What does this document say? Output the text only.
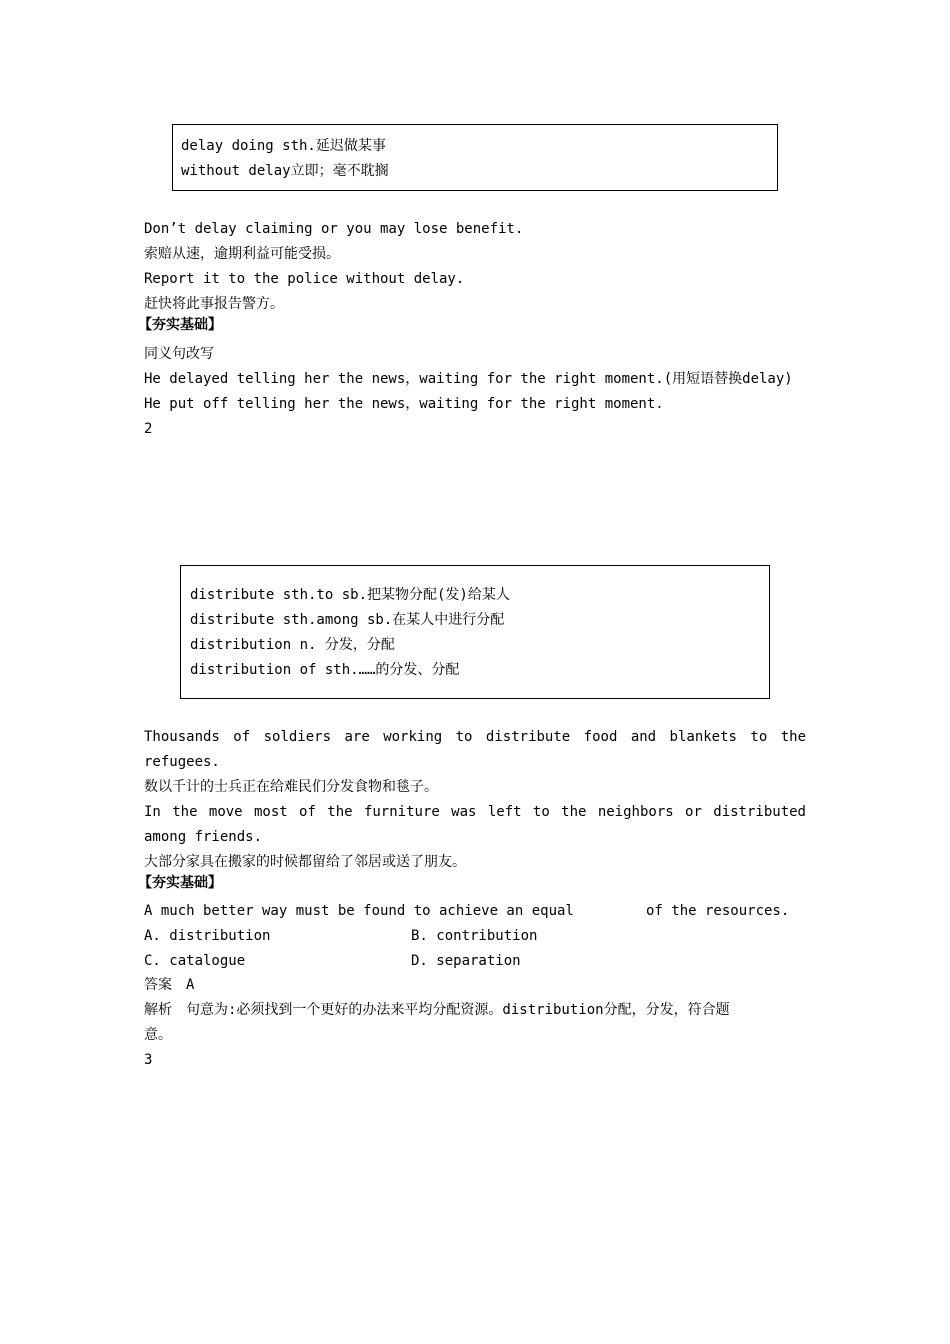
delay doing sth.延迟做某事
without delay立即；毫不耽搁
Don’t delay claiming or you may lose benefit.
索赔从速，逾期利益可能受损。
Report it to the police without delay.
赶快将此事报告警方。
【夯实基础】
同义句改写
He delayed telling her the news，waiting for the right moment.(用短语替换delay)
He put off telling her the news，waiting for the right moment.
2
distribute sth.to sb.把某物分配(发)给某人
distribute sth.among sb.在某人中进行分配
distribution n. 分发，分配
distribution of sth.……的分发、分配
Thousands of soldiers are working to distribute food and blankets to the
refugees.
数以千计的士兵正在给难民们分发食物和毯子。
In the move most of the furniture was left to the neighbors or distributed
among friends.
大部分家具在搬家的时候都留给了邻居或送了朋友。
【夯实基础】
A much better way must be found to achieve an equal	of the resources.
A. distribution	B. contribution
C. catalogue	D. separation
答案　A
解析　句意为:必须找到一个更好的办法来平均分配资源。distribution分配，分发，符合题
意。
3
